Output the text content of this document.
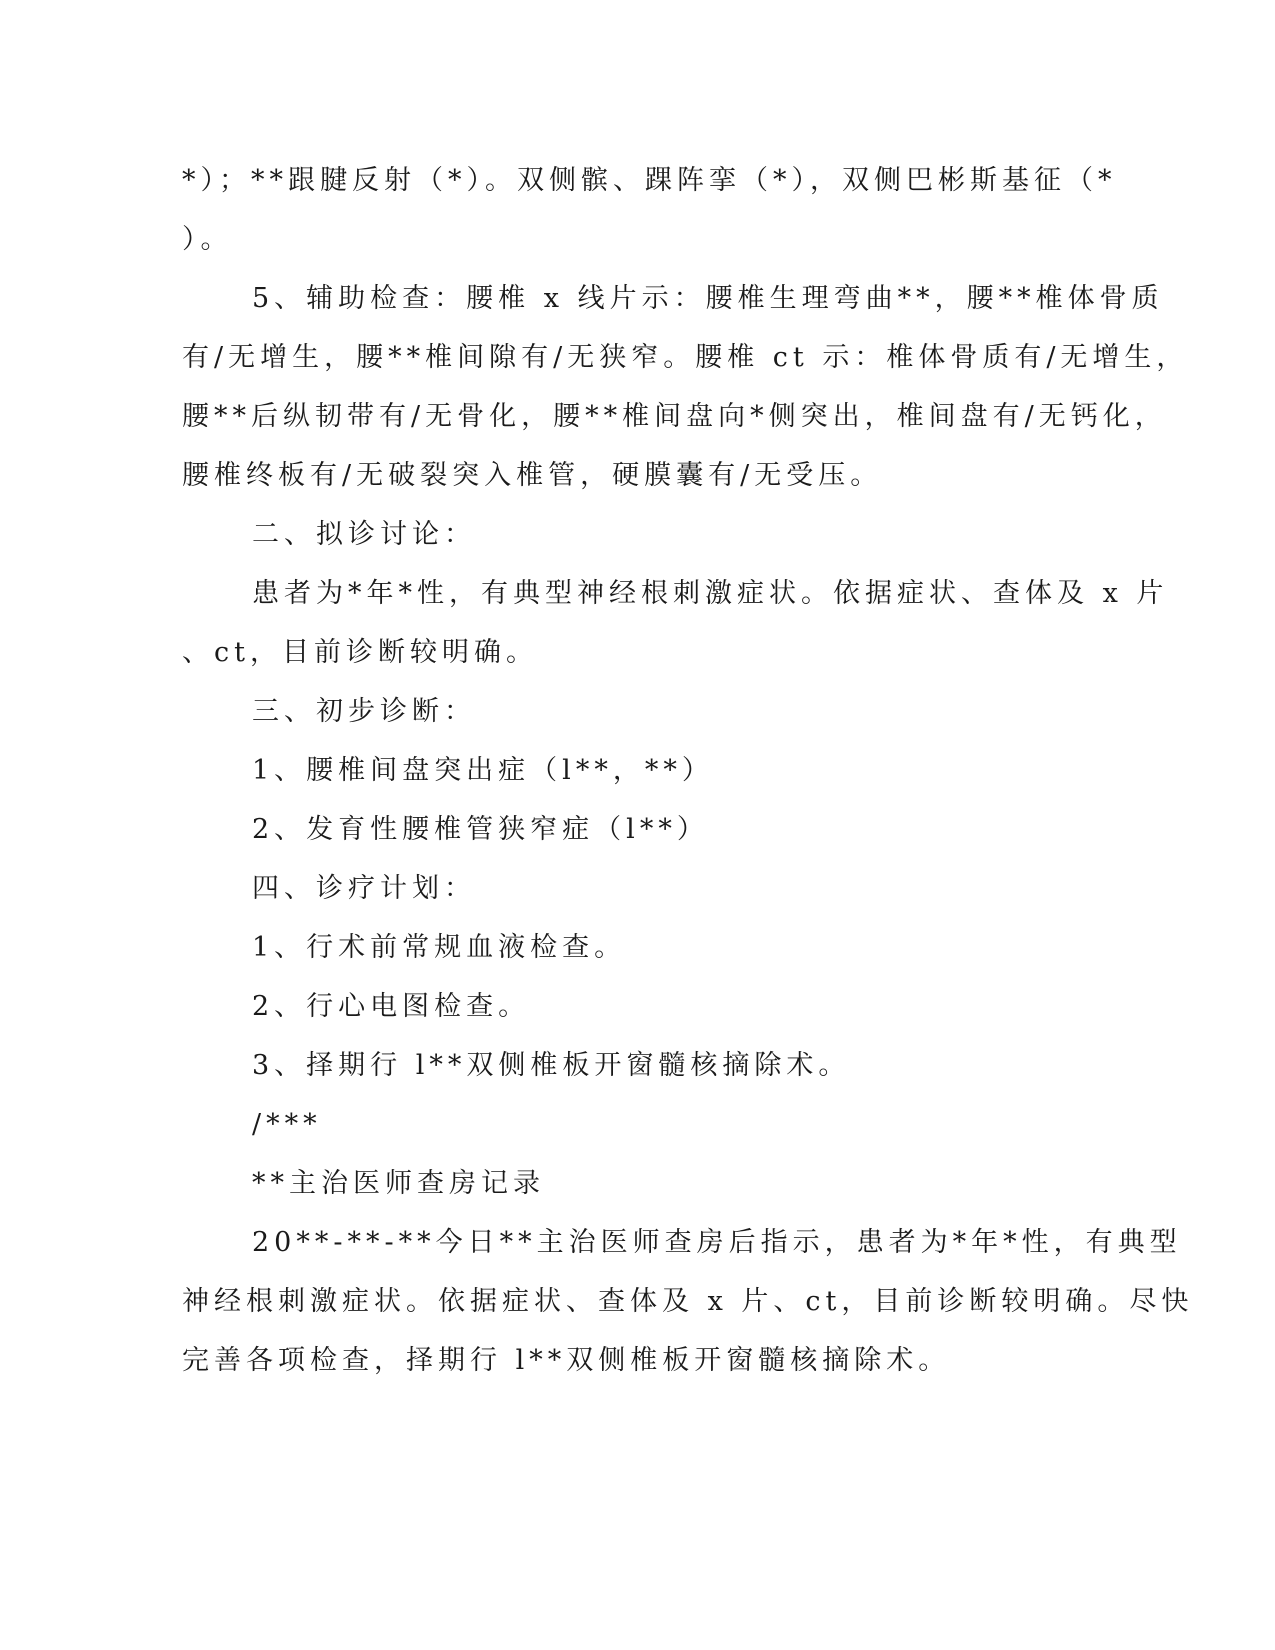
*）；**跟腱反射（*）。双侧髌、踝阵挛（*），双侧巴彬斯基征（*
）。
5、辅助检查：腰椎 x 线片示：腰椎生理弯曲**，腰**椎体骨质
有/无增生，腰**椎间隙有/无狭窄。腰椎 ct 示：椎体骨质有/无增生，
腰**后纵韧带有/无骨化，腰**椎间盘向*侧突出，椎间盘有/无钙化，
腰椎终板有/无破裂突入椎管，硬膜囊有/无受压。
二、拟诊讨论：
患者为*年*性，有典型神经根刺激症状。依据症状、查体及 x 片
、ct，目前诊断较明确。
三、初步诊断：
1、腰椎间盘突出症（l**，**）
2、发育性腰椎管狭窄症（l**）
四、诊疗计划：
1、行术前常规血液检查。
2、行心电图检查。
3、择期行 l**双侧椎板开窗髓核摘除术。
/***
**主治医师查房记录
20**-**-**今日**主治医师查房后指示，患者为*年*性，有典型
神经根刺激症状。依据症状、查体及 x 片、ct，目前诊断较明确。尽快
完善各项检查，择期行 l**双侧椎板开窗髓核摘除术。
